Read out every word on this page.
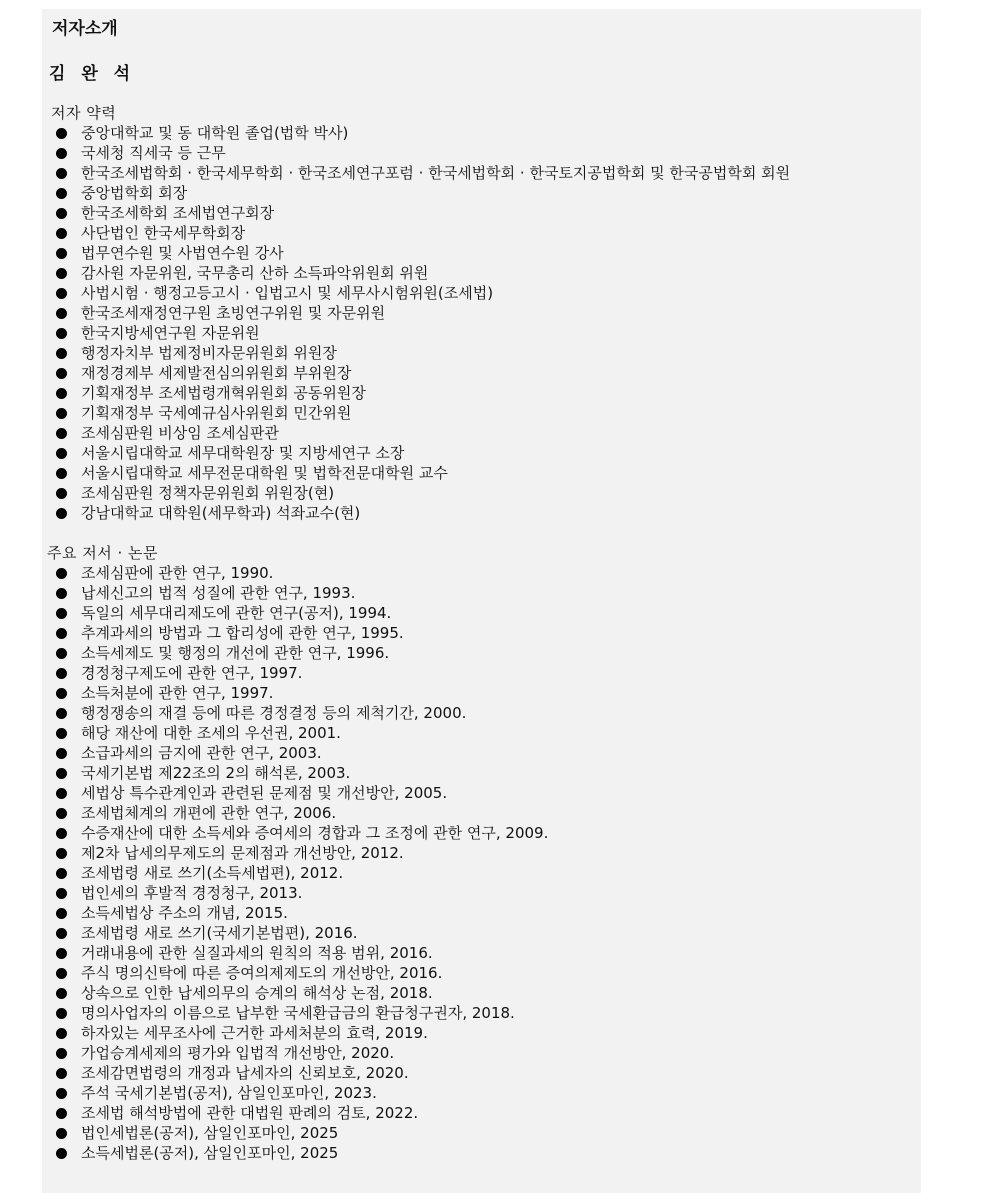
저자소개
김 완 석
저자 약력
중앙대학교 및 동 대학원 졸업(법학 박사)
국세청 직세국 등 근무
한국조세법학회 · 한국세무학회 · 한국조세연구포럼 · 한국세법학회 · 한국토지공법학회 및 한국공법학회 회원
중앙법학회 회장
한국조세학회 조세법연구회장
사단법인 한국세무학회장
법무연수원 및 사법연수원 강사
감사원 자문위원, 국무총리 산하 소득파악위원회 위원
사법시험 · 행정고등고시 · 입법고시 및 세무사시험위원(조세법)
한국조세재정연구원 초빙연구위원 및 자문위원
한국지방세연구원 자문위원
행정자치부 법제정비자문위원회 위원장
재정경제부 세제발전심의위원회 부위원장
기획재정부 조세법령개혁위원회 공동위원장
기획재정부 국세예규심사위원회 민간위원
조세심판원 비상임 조세심판관
서울시립대학교 세무대학원장 및 지방세연구 소장
서울시립대학교 세무전문대학원 및 법학전문대학원 교수
조세심판원 정책자문위원회 위원장(현)
강남대학교 대학원(세무학과) 석좌교수(현)
주요 저서 · 논문
조세심판에 관한 연구, 1990.
납세신고의 법적 성질에 관한 연구, 1993.
독일의 세무대리제도에 관한 연구(공저), 1994.
추계과세의 방법과 그 합리성에 관한 연구, 1995.
소득세제도 및 행정의 개선에 관한 연구, 1996.
경정청구제도에 관한 연구, 1997.
소득처분에 관한 연구, 1997.
행정쟁송의 재결 등에 따른 경정결정 등의 제척기간, 2000.
해당 재산에 대한 조세의 우선권, 2001.
소급과세의 금지에 관한 연구, 2003.
국세기본법 제22조의 2의 해석론, 2003.
세법상 특수관계인과 관련된 문제점 및 개선방안, 2005.
조세법체계의 개편에 관한 연구, 2006.
수증재산에 대한 소득세와 증여세의 경합과 그 조정에 관한 연구, 2009.
제2차 납세의무제도의 문제점과 개선방안, 2012.
조세법령 새로 쓰기(소득세법편), 2012.
법인세의 후발적 경정청구, 2013.
소득세법상 주소의 개념, 2015.
조세법령 새로 쓰기(국세기본법편), 2016.
거래내용에 관한 실질과세의 원칙의 적용 범위, 2016.
주식 명의신탁에 따른 증여의제제도의 개선방안, 2016.
상속으로 인한 납세의무의 승계의 해석상 논점, 2018.
명의사업자의 이름으로 납부한 국세환급금의 환급청구권자, 2018.
하자있는 세무조사에 근거한 과세처분의 효력, 2019.
가업승계세제의 평가와 입법적 개선방안, 2020.
조세감면법령의 개정과 납세자의 신뢰보호, 2020.
주석 국세기본법(공저), 삼일인포마인, 2023.
조세법 해석방법에 관한 대법원 판례의 검토, 2022.
법인세법론(공저), 삼일인포마인, 2025
소득세법론(공저), 삼일인포마인, 2025
